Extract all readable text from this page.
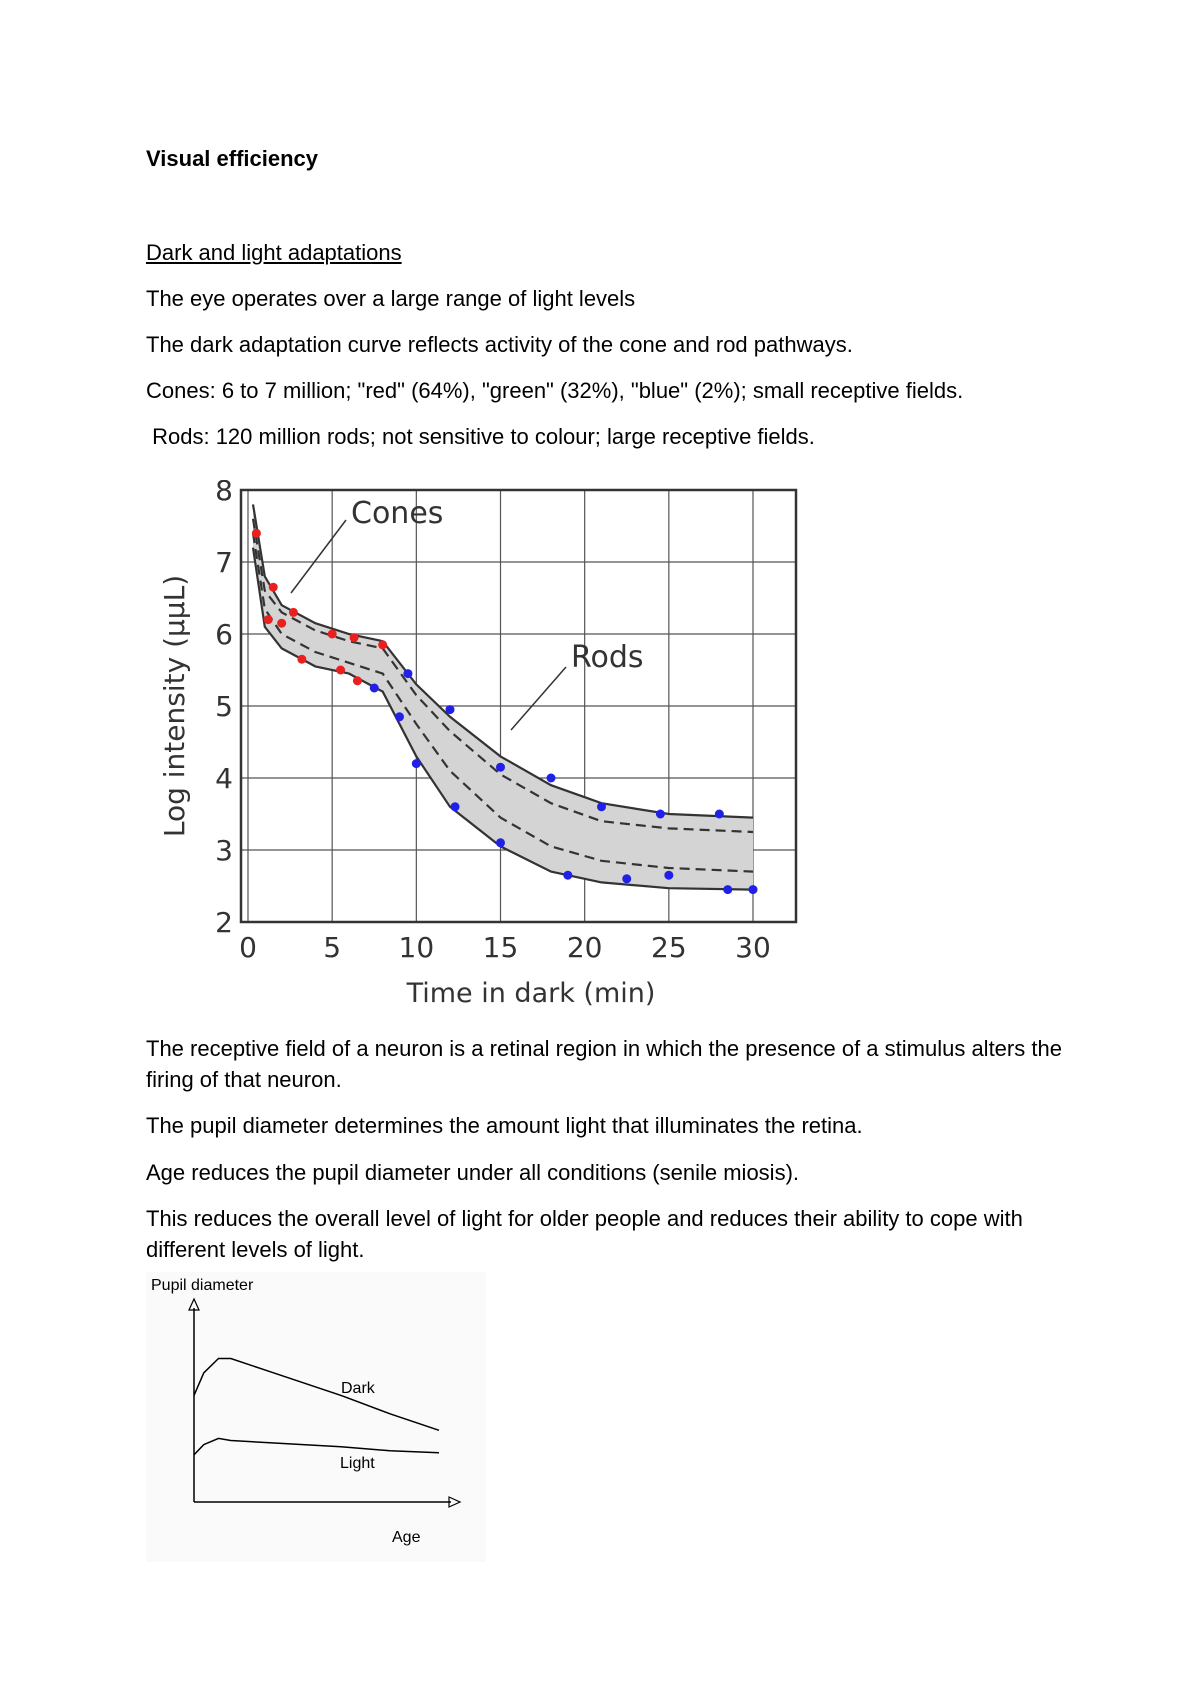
Visual efficiency
Dark and light adaptations
The eye operates over a large range of light levels
The dark adaptation curve reflects activity of the cone and rod pathways.
Cones: 6 to 7 million; "red" (64%), "green" (32%), "blue" (2%); small receptive fields.
Rods: 120 million rods; not sensitive to colour; large receptive fields.
0 5 10 15 20 25 30
2
3
4
5
6
7
8
Time in dark (min)
Log intensity (μμL)
Cones
Rods
The receptive field of a neuron is a retinal region in which the presence of a stimulus alters the firing of that neuron.
The pupil diameter determines the amount light that illuminates the retina.
Age reduces the pupil diameter under all conditions (senile miosis).
This reduces the overall level of light for older people and reduces their ability to cope with different levels of light.
Pupil diameter
Age
Dark
Light
